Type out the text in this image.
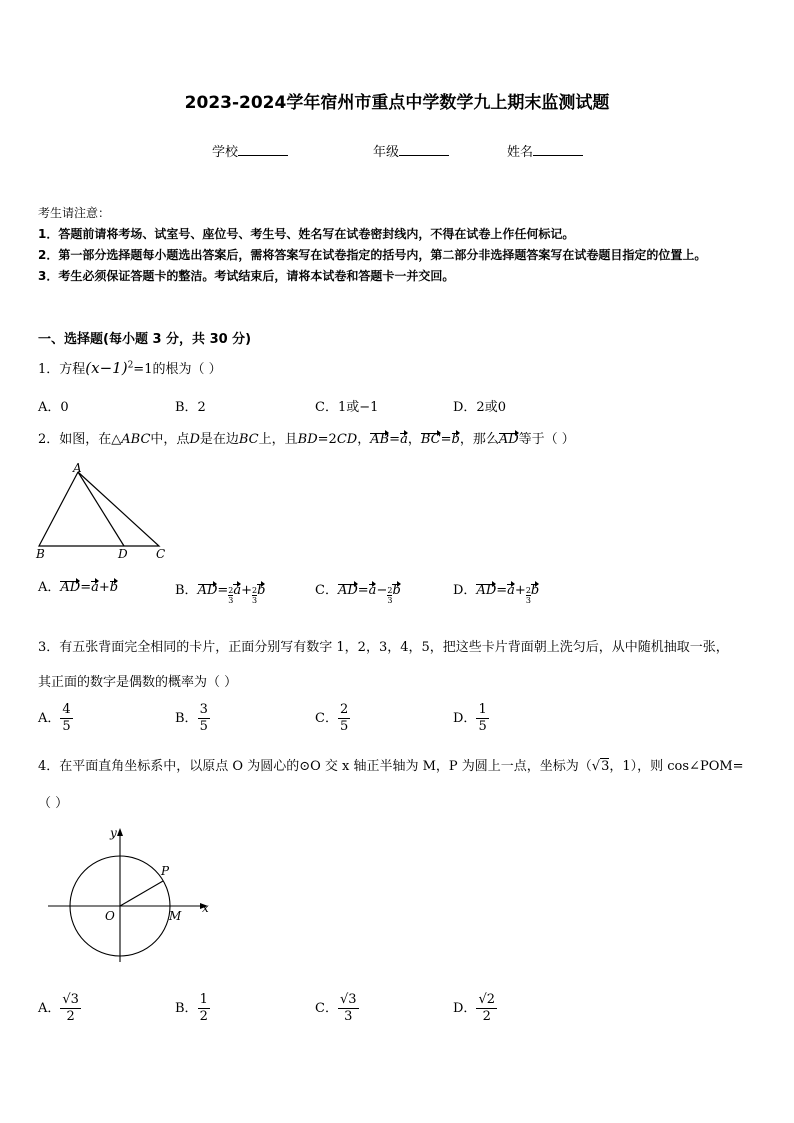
2023-2024学年宿州市重点中学数学九上期末监测试题
学校	年级	姓名
考生请注意：
1．答题前请将考场、试室号、座位号、考生号、姓名写在试卷密封线内，不得在试卷上作任何标记。
2．第一部分选择题每小题选出答案后，需将答案写在试卷指定的括号内，第二部分非选择题答案写在试卷题目指定的位置上。
3．考生必须保证答题卡的整洁。考试结束后，请将本试卷和答题卡一并交回。
一、选择题(每小题 3 分，共 30 分)
1．方程$(x-1)^2=1$的根为（ ）
A．0	B．2	C．1或−1	D．2或0
2．如图，在△ABC中，点D是在边BC上，且BD=2CD，AB=a，BC=b，那么AD等于（ ）
A
B	D C
A．AD=a+b	B．$AD= \frac{2}{3}a+ \frac{2}{3}b$	C．$AD=a- \frac{2}{3}b$	D．$AD=a+ \frac{2}{3}b$
3．有五张背面完全相同的卡片，正面分别写有数字 1，2，3，4，5，把这些卡片背面朝上洗匀后，从中随机抽取一张，
其正面的数字是偶数的概率为（ ）
A． $\frac{4}{5}$	B． $\frac{3}{5}$	C． $\frac{2}{5}$	D． $\frac{1}{5}$
4．在平面直角坐标系中，以原点 O 为圆心的⊙O 交 x 轴正半轴为 M，P 为圆上一点，坐标为（√3，1），则 cos∠POM=
（ ）
y
P
O	M
x
A． $\frac{√3}{2}$	B． $\frac{1}{2}$	C． $\frac{√3}{3}$	D． $\frac{√2}{2}$
